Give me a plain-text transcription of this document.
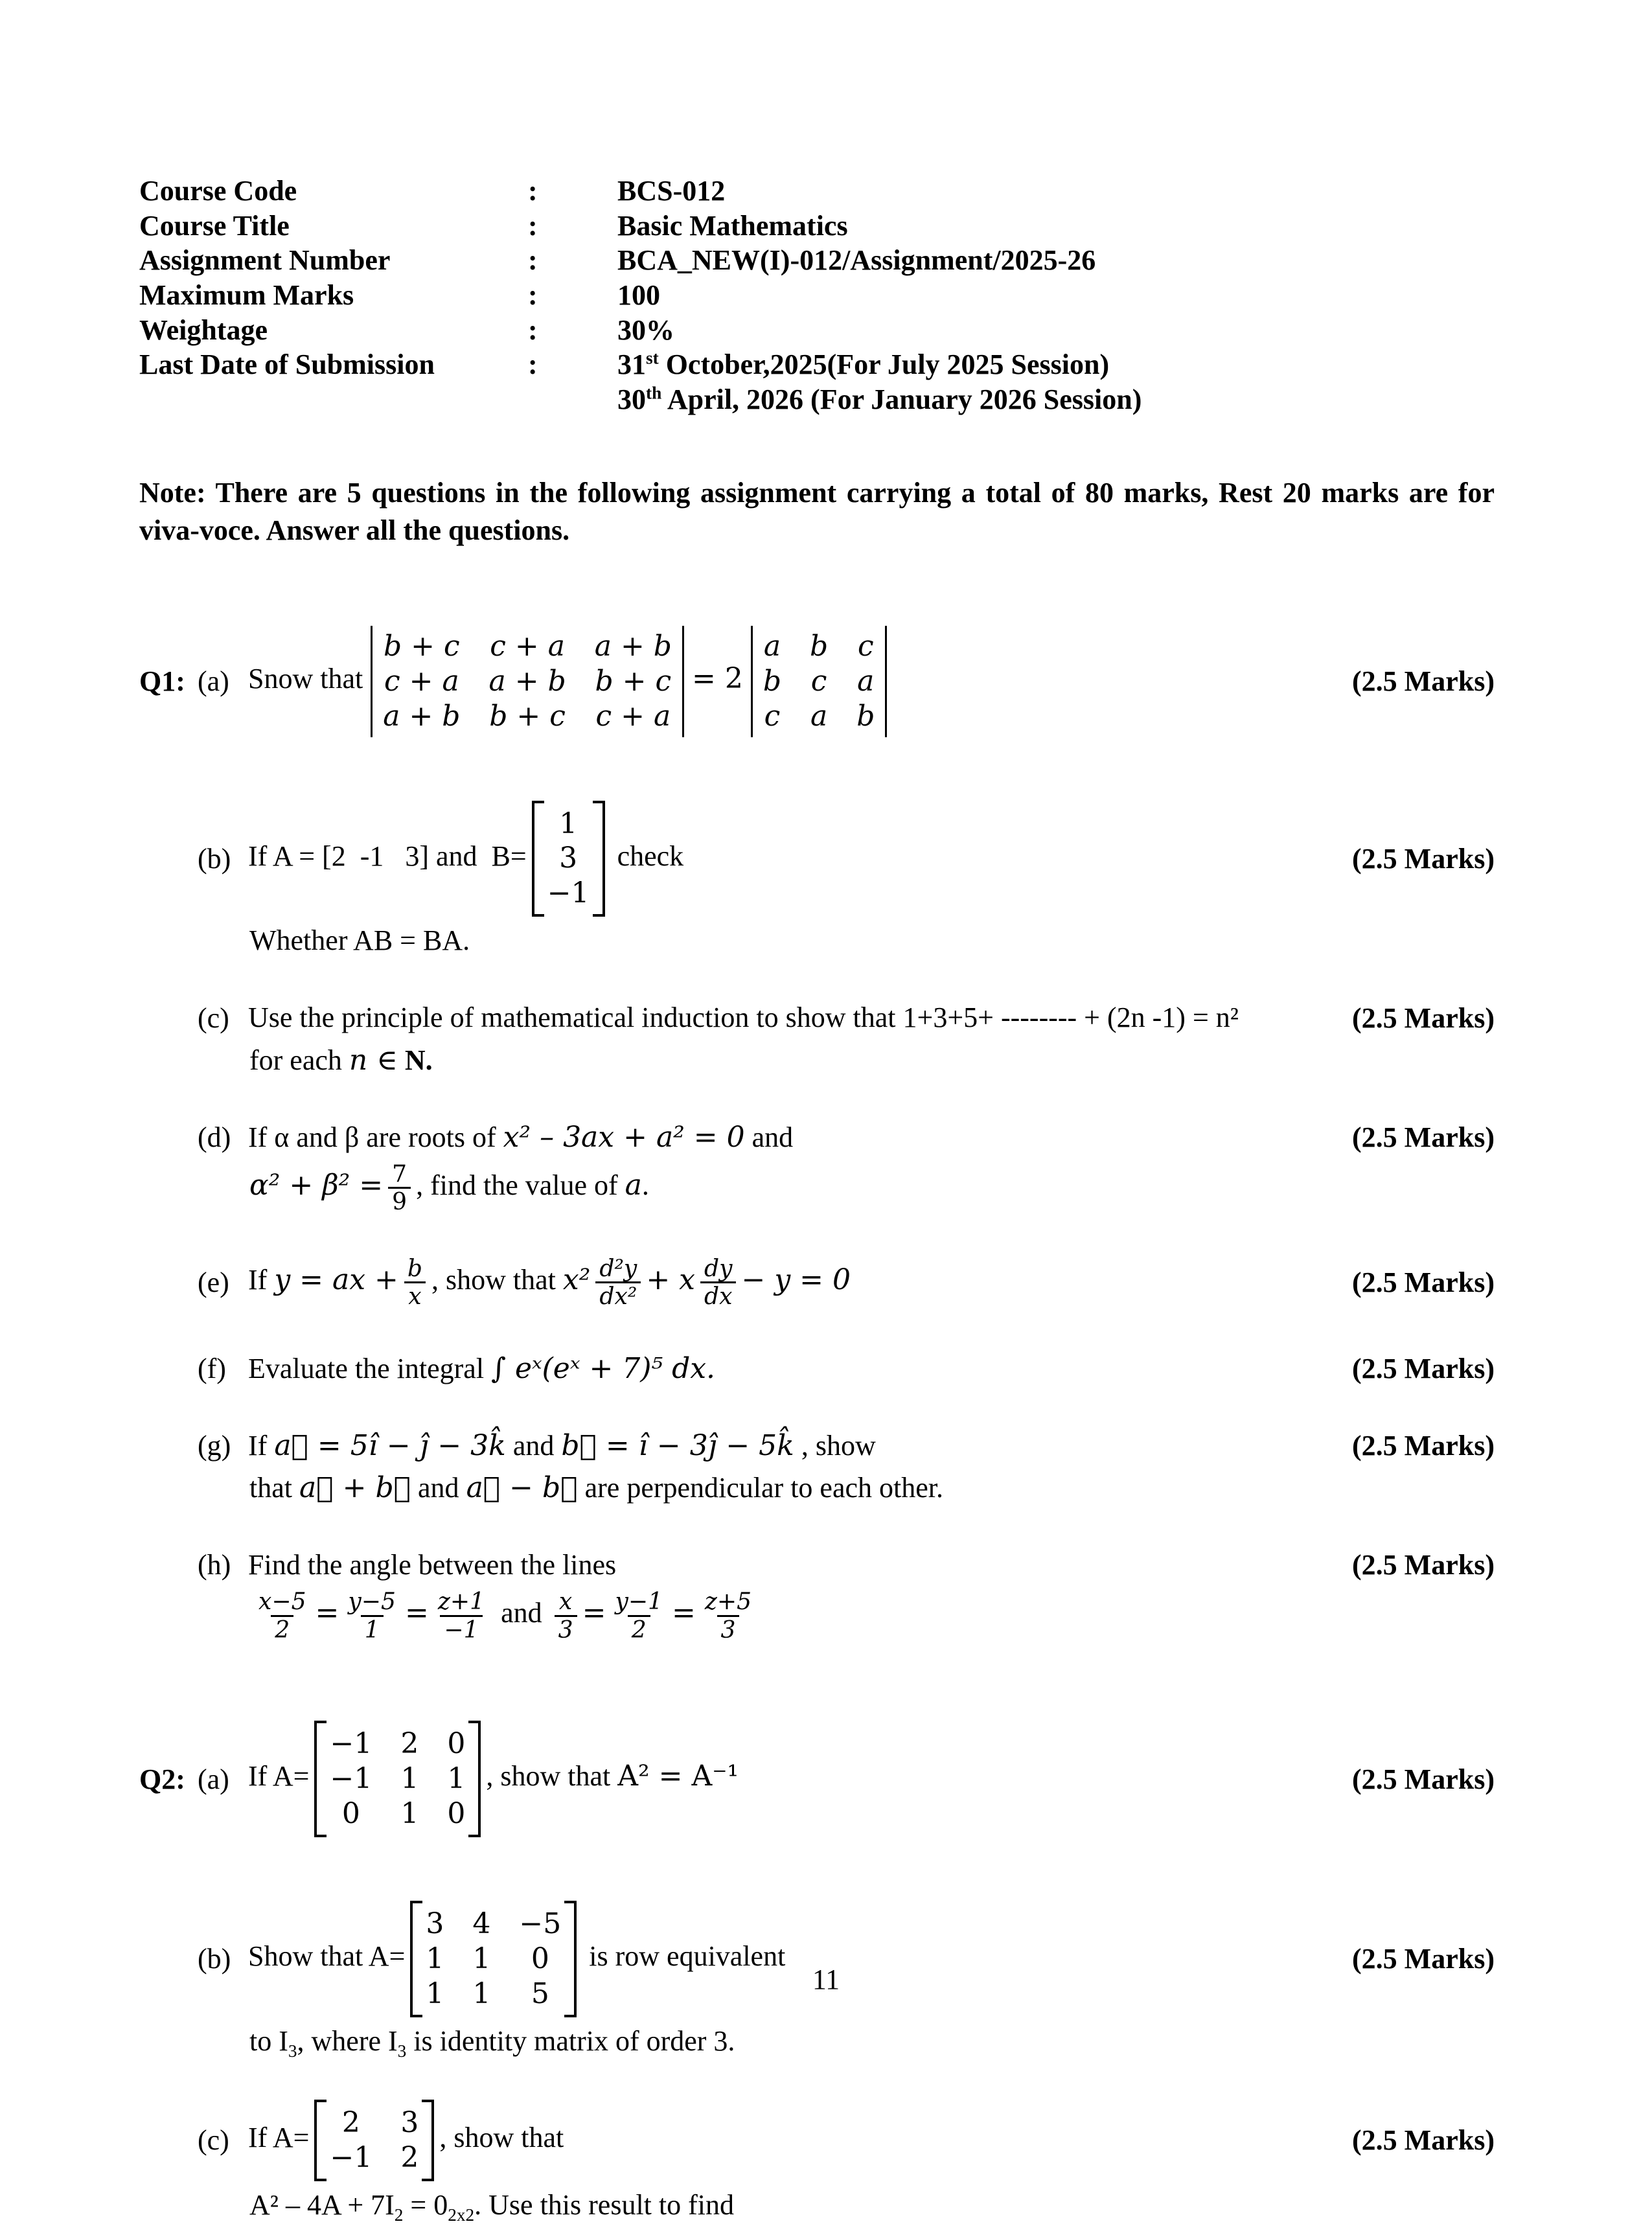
Course Code	:	BCS-012
Course Title	:	Basic Mathematics
Assignment Number	:	BCA_NEW(I)-012/Assignment/2025-26
Maximum Marks	:	100
Weightage	:	30%
Last Date of Submission	:	31st October,2025(For July 2025 Session)
30th April, 2026 (For January 2026 Session)

Note: There are 5 questions in the following assignment carrying a total of 80 marks, Rest 20 marks are for viva-voce. Answer all the questions.

Q1: (a) Snow that
b + c c + a a + b
c + a a + b b + c
a + b b + c c + a
= 2
a b c
b c a
c a b
(2.5 Marks)
(b) If A = [2  -1   3] and  B=
1
3
−1
check	(2.5 Marks)
Whether AB = BA.
(c) Use the principle of mathematical induction to show that 1+3+5+ -------- + (2n -1) = n²	(2.5 Marks)
for each n ∈ N.
(d) If α and β are roots of x² – 3ax + a² = 0 and	(2.5 Marks)
$\alpha^2 + \beta^2 = \frac{7}{9}$ , find the value of a.
(e) If y = ax + $\frac{b}{x}$ , show that $x^2 \frac{\text{d²y}}{\text{dx²}} + x \frac{dy}{dx} - y = 0$	(2.5 Marks)
(f) Evaluate the integral ∫ eˣ(eˣ + 7)⁵ dx.	(2.5 Marks)
(g) If a⃗ = 5î − ĵ − 3k̂ and b⃗ = î − 3ĵ − 5k̂ , show	(2.5 Marks)
that a⃗ + b⃗ and a⃗ − b⃗ are perpendicular to each other.
(h) Find the angle between the lines	(2.5 Marks)
$\frac{x-5}{2} = \frac{y-5}{1} = \frac{z+1}{-1}$ and $\frac{x}{3} = \frac{y-1}{2} = \frac{z+5}{3}$
Q2: (a) If A=
−1 2 0
−1 1 1
0 1 0
, show that A² = A⁻¹	(2.5 Marks)
(b) Show that A=
3 4 −5
1 1 0
1 1 5
is row equivalent	(2.5 Marks)
to $I_3$, where $I_3$ is identity matrix of order 3.
(c) If A= 2 3
−1 2
, show that	(2.5 Marks)
$A^2 - 4A + 7I_2 = 0_{2x2}$. Use this result to find
11
